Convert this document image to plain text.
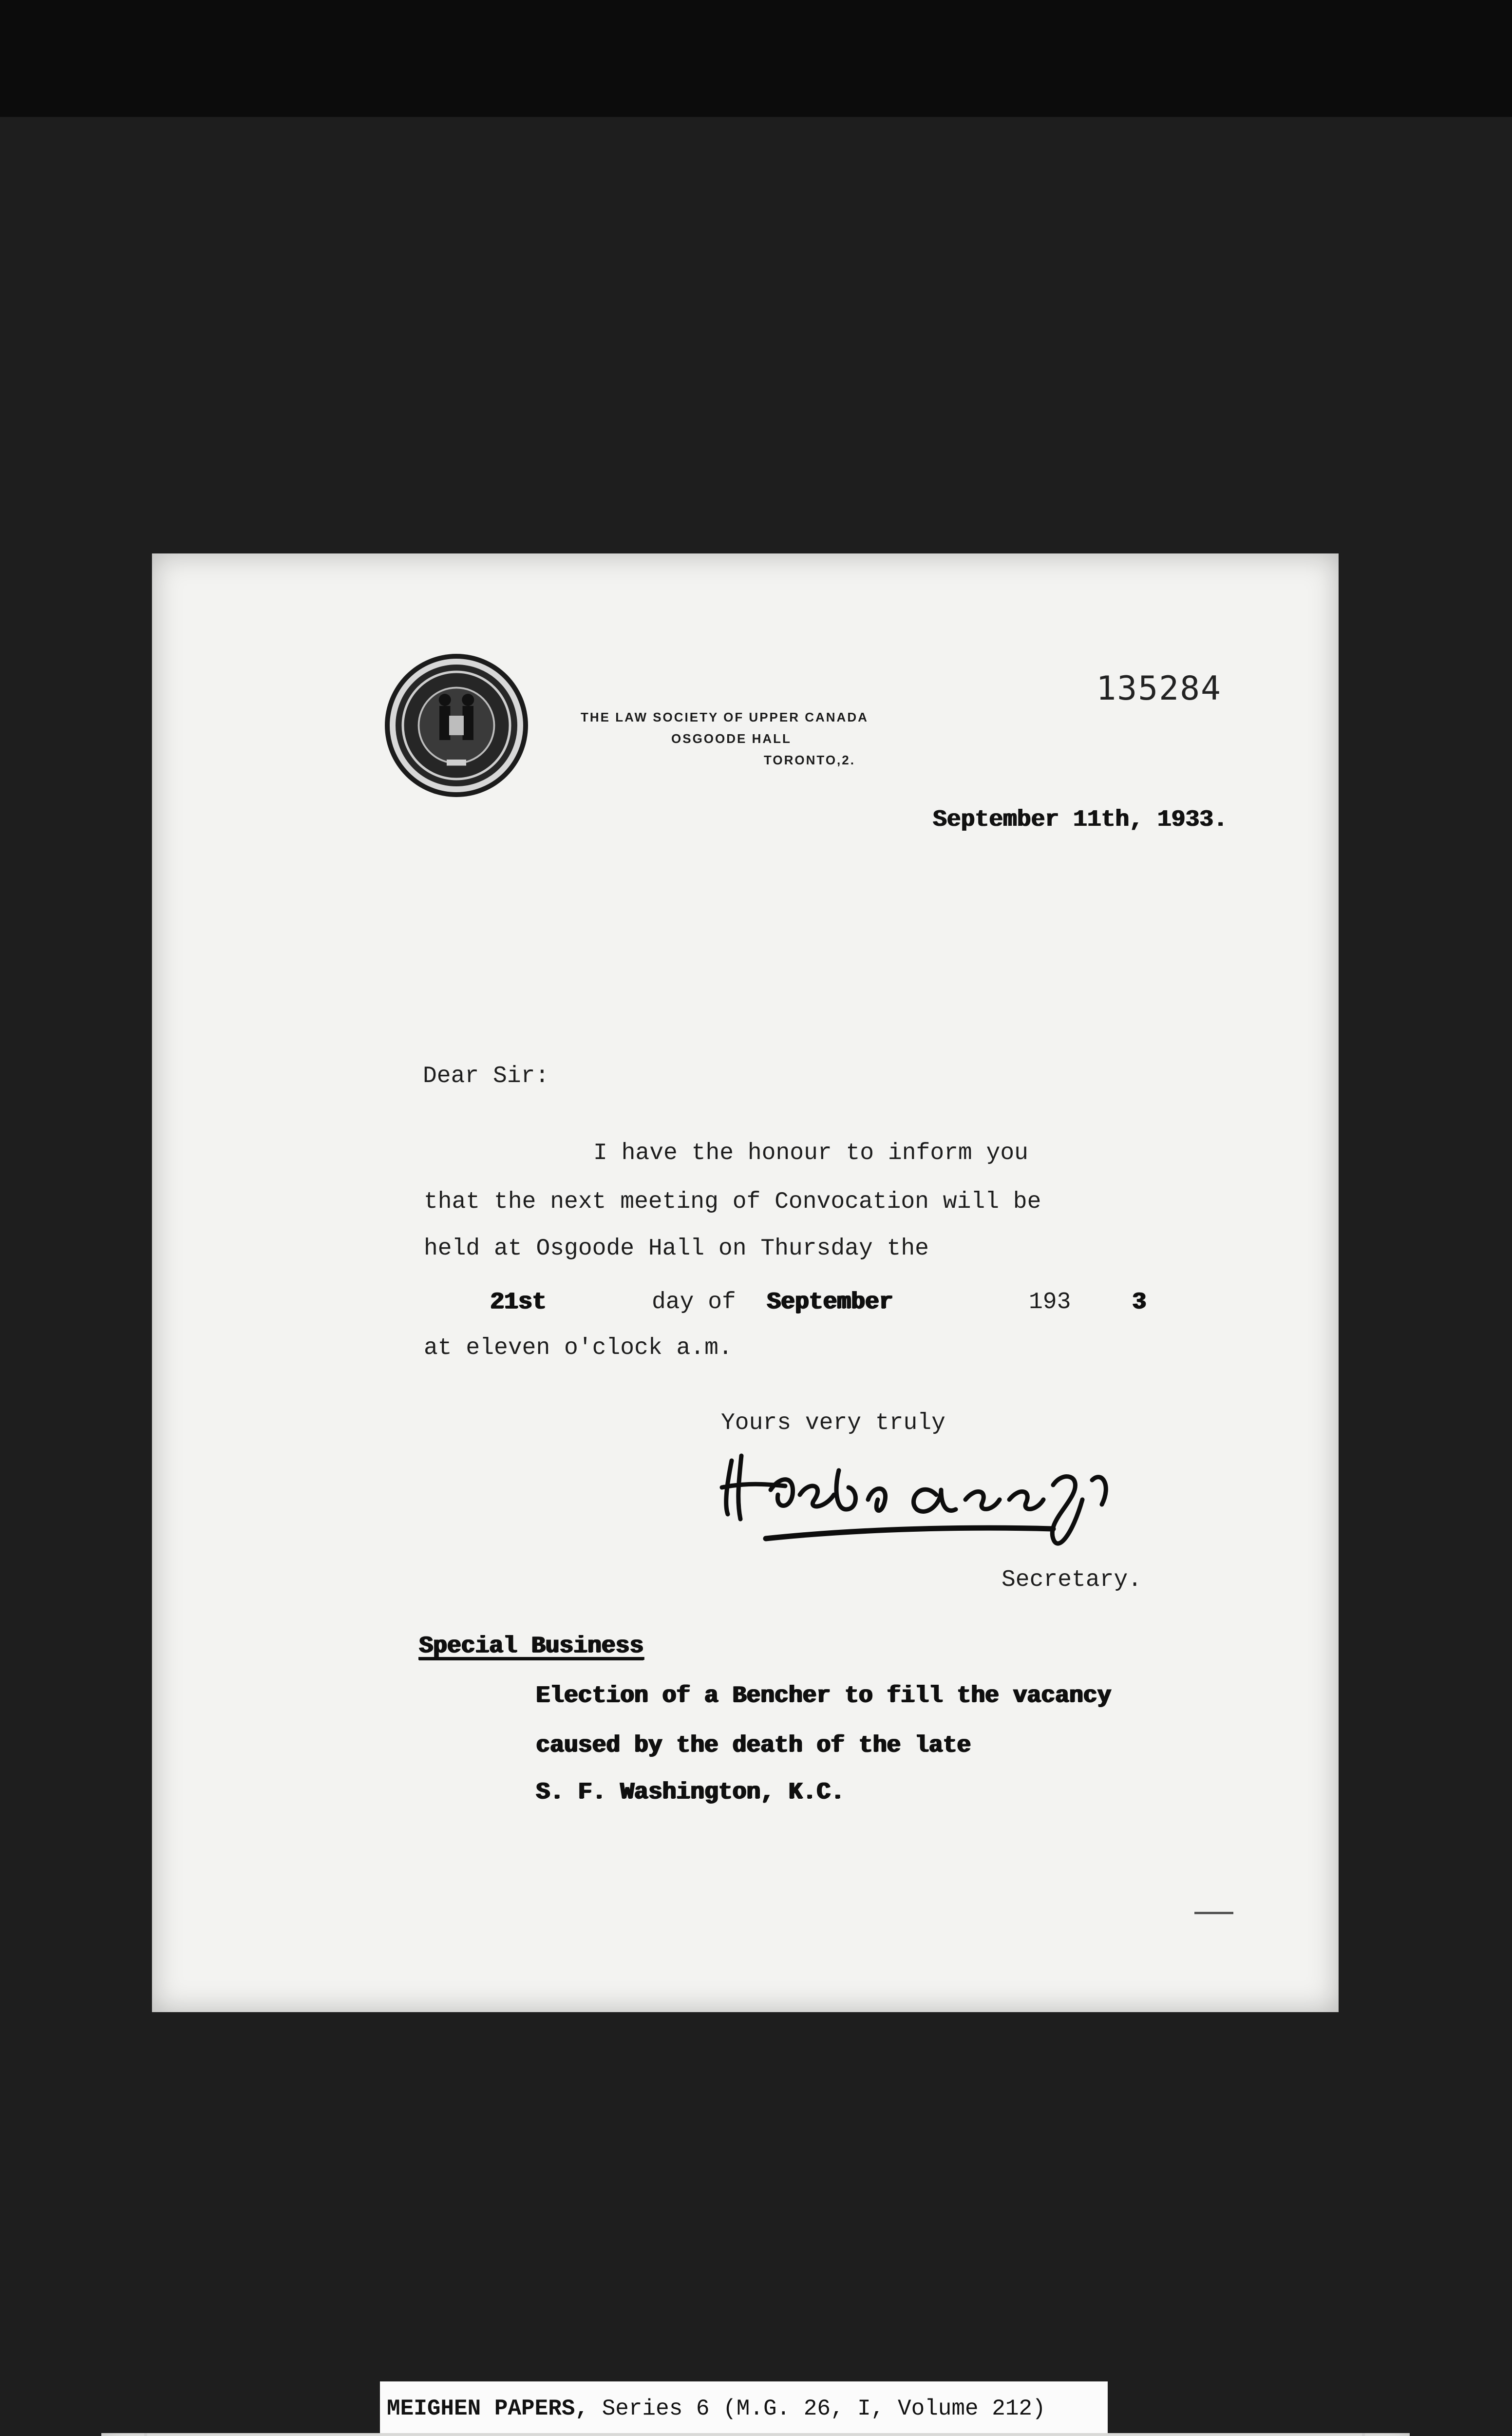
THE LAW SOCIETY OF UPPER CANADA
OSGOODE HALL
TORONTO,2.
135284
September 11th, 1933.
Dear Sir:
I have the honour to inform you
that the next meeting of Convocation will be
held at Osgoode Hall on Thursday the
21st	day of September	193	3
at eleven o'clock a.m.
Yours very truly
Secretary.
Special Business
Election of a Bencher to fill the vacancy
caused by the death of the late
S. F. Washington, K.C.
MEIGHEN PAPERS, Series 6 (M.G. 26, I, Volume 212)
